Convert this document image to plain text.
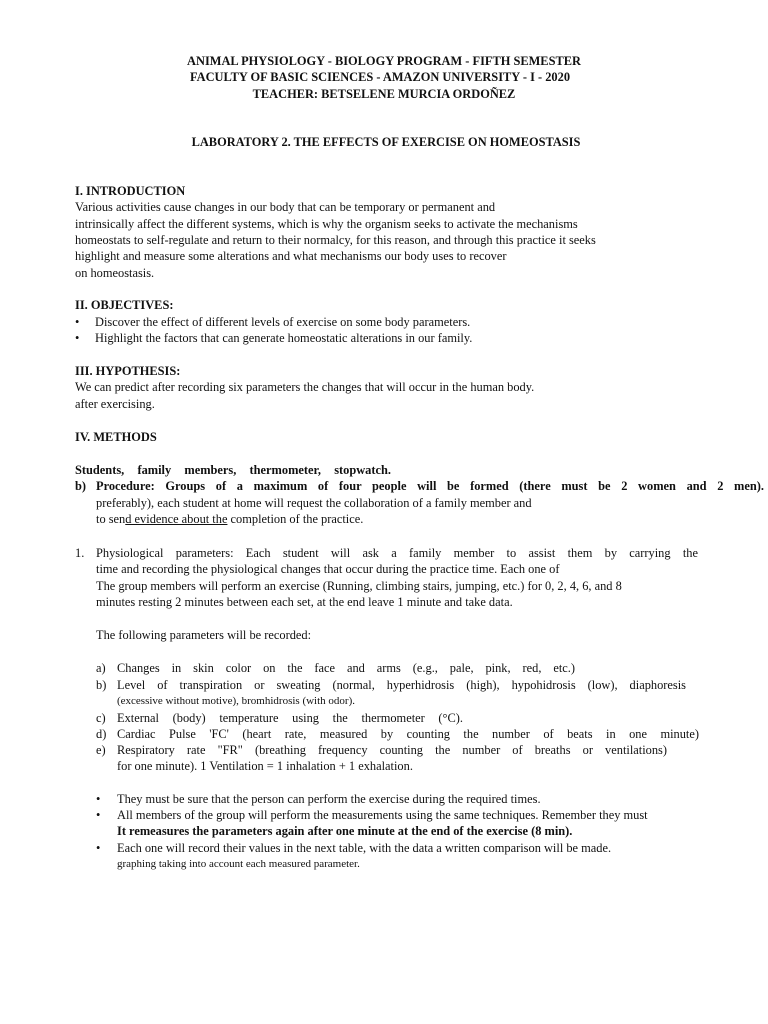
ANIMAL PHYSIOLOGY - BIOLOGY PROGRAM - FIFTH SEMESTER
FACULTY OF BASIC SCIENCES - AMAZON UNIVERSITY - I - 2020
TEACHER: BETSELENE MURCIA ORDOÑEZ
LABORATORY 2. THE EFFECTS OF EXERCISE ON HOMEOSTASIS
I. INTRODUCTION
Various activities cause changes in our body that can be temporary or permanent and
intrinsically affect the different systems, which is why the organism seeks to activate the mechanisms
homeostats to self-regulate and return to their normalcy, for this reason, and through this practice it seeks
highlight and measure some alterations and what mechanisms our body uses to recover
on homeostasis.
II. OBJECTIVES:
• Discover the effect of different levels of exercise on some body parameters.
• Highlight the factors that can generate homeostatic alterations in our family.
III. HYPOTHESIS:
We can predict after recording six parameters the changes that will occur in the human body.
after exercising.
IV. METHODS
Students, family members, thermometer, stopwatch.
b) Procedure: Groups of a maximum of four people will be formed (there must be 2 women and 2 men).
preferably), each student at home will request the collaboration of a family member and
to send evidence about the completion of the practice.
1. Physiological parameters: Each student will ask a family member to assist them by carrying the
time and recording the physiological changes that occur during the practice time. Each one of
The group members will perform an exercise (Running, climbing stairs, jumping, etc.) for 0, 2, 4, 6, and 8
minutes resting 2 minutes between each set, at the end leave 1 minute and take data.
The following parameters will be recorded:
a) Changes in skin color on the face and arms (e.g., pale, pink, red, etc.)
b) Level of transpiration or sweating (normal, hyperhidrosis (high), hypohidrosis (low), diaphoresis
(excessive without motive), bromhidrosis (with odor).
c) External (body) temperature using the thermometer (°C).
d) Cardiac Pulse 'FC' (heart rate, measured by counting the number of beats in one minute)
e) Respiratory rate "FR" (breathing frequency counting the number of breaths or ventilations)
for one minute). 1 Ventilation = 1 inhalation + 1 exhalation.
• They must be sure that the person can perform the exercise during the required times.
• All members of the group will perform the measurements using the same techniques. Remember they must
It remeasures the parameters again after one minute at the end of the exercise (8 min).
• Each one will record their values in the next table, with the data a written comparison will be made.
graphing taking into account each measured parameter.
